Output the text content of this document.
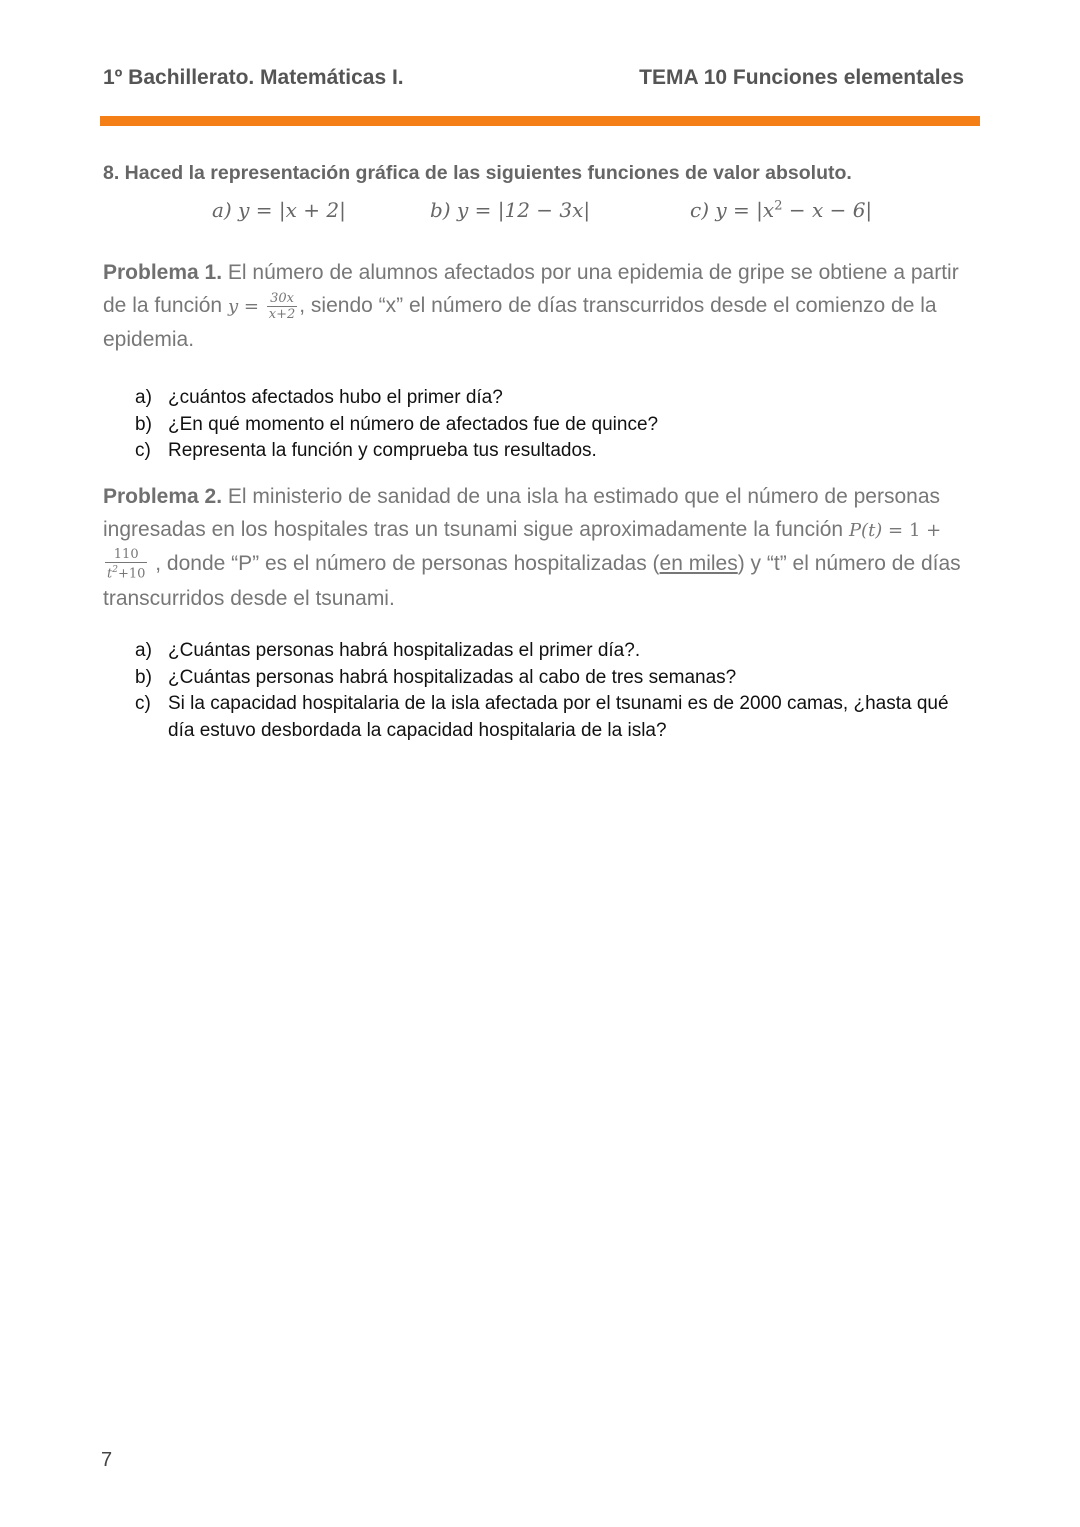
1º Bachillerato. Matemáticas I.	TEMA 10 Funciones elementales
8. Haced la representación gráfica de las siguientes funciones de valor absoluto.
a) y = |x + 2|	b) y = |12 − 3x|	c) $y = |x^2 - x - 6|$
Problema 1. El número de alumnos afectados por una epidemia de gripe se obtiene a partir de la función $y = \frac{30x}{x+2}$ , siendo “x” el número de días transcurridos desde el comienzo de la epidemia.
a) ¿cuántos afectados hubo el primer día?
b) ¿En qué momento el número de afectados fue de quince?
c) Representa la función y comprueba tus resultados.
Problema 2. El ministerio de sanidad de una isla ha estimado que el número de personas ingresadas en los hospitales tras un tsunami sigue aproximadamente la función P(t) = 1 +
$\frac{110}{t^2+10}$ , donde “P” es el número de personas hospitalizadas (en miles) y “t” el número de días transcurridos desde el tsunami.
a) ¿Cuántas personas habrá hospitalizadas el primer día?.
b) ¿Cuántas personas habrá hospitalizadas al cabo de tres semanas?
c) Si la capacidad hospitalaria de la isla afectada por el tsunami es de 2000 camas, ¿hasta qué día estuvo desbordada la capacidad hospitalaria de la isla?
7
